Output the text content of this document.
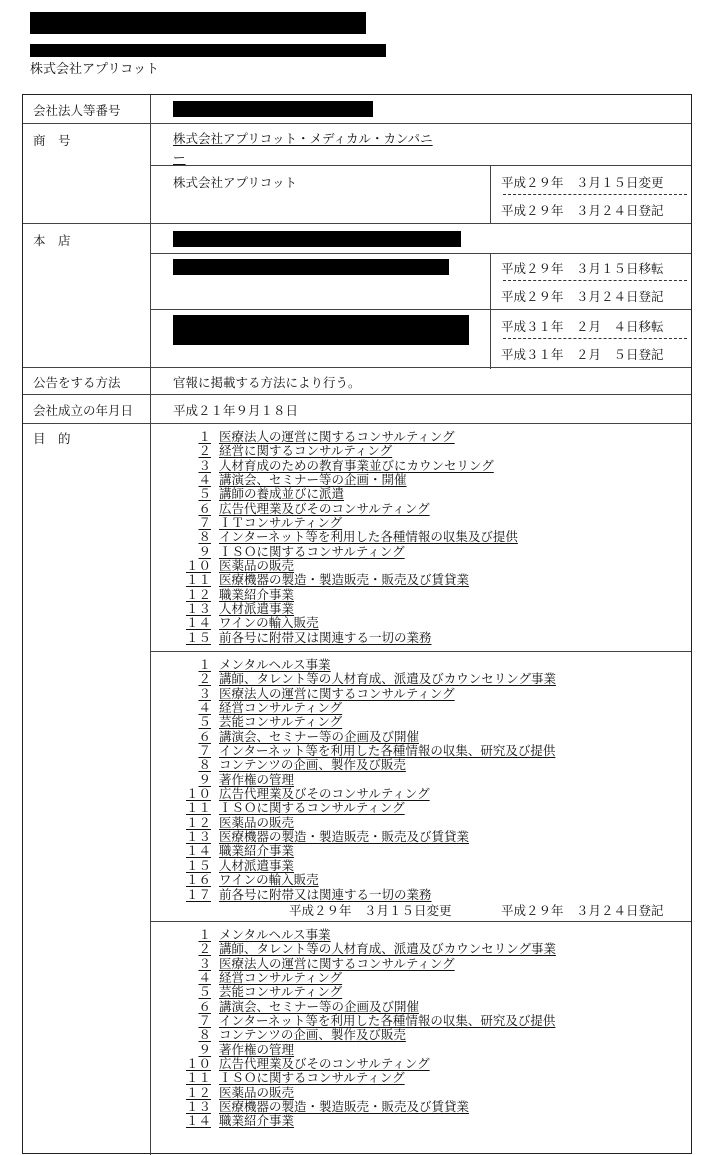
株式会社アプリコット
会社法人等番号
商　号	株式会社アプリコット・メディカル・カンパニ
ー
株式会社アプリコット	平成２９年　３月１５日変更
平成２９年　３月２４日登記
本　店
平成２９年　３月１５日移転
平成２９年　３月２４日登記
平成３１年　２月　４日移転
平成３１年　２月　５日登記
公告をする方法	官報に掲載する方法により行う。
会社成立の年月日	平成２１年９月１８日
目　的	１ 医療法人の運営に関するコンサルティング
２ 経営に関するコンサルティング
３ 人材育成のための教育事業並びにカウンセリング
４ 講演会、セミナー等の企画・開催
５ 講師の養成並びに派遣
６ 広告代理業及びそのコンサルティング
７ ＩＴコンサルティング
８ インターネット等を利用した各種情報の収集及び提供
９ ＩＳＯに関するコンサルティング
１０ 医薬品の販売
１１ 医療機器の製造・製造販売・販売及び賃貸業
１２ 職業紹介事業
１３ 人材派遣事業
１４ ワインの輸入販売
１５ 前各号に附帯又は関連する一切の業務
１ メンタルヘルス事業
２ 講師、タレント等の人材育成、派遣及びカウンセリング事業
３ 医療法人の運営に関するコンサルティング
４ 経営コンサルティング
５ 芸能コンサルティング
６ 講演会、セミナー等の企画及び開催
７ インターネット等を利用した各種情報の収集、研究及び提供
８ コンテンツの企画、製作及び販売
９ 著作権の管理
１０ 広告代理業及びそのコンサルティング
１１ ＩＳＯに関するコンサルティング
１２ 医薬品の販売
１３ 医療機器の製造・製造販売・販売及び賃貸業
１４ 職業紹介事業
１５ 人材派遣事業
１６ ワインの輸入販売
１７ 前各号に附帯又は関連する一切の業務
平成２９年　３月１５日変更	平成２９年　３月２４日登記
１ メンタルヘルス事業
２ 講師、タレント等の人材育成、派遣及びカウンセリング事業
３ 医療法人の運営に関するコンサルティング
４ 経営コンサルティング
５ 芸能コンサルティング
６ 講演会、セミナー等の企画及び開催
７ インターネット等を利用した各種情報の収集、研究及び提供
８ コンテンツの企画、製作及び販売
９ 著作権の管理
１０ 広告代理業及びそのコンサルティング
１１ ＩＳＯに関するコンサルティング
１２ 医薬品の販売
１３ 医療機器の製造・製造販売・販売及び賃貸業
１４ 職業紹介事業
